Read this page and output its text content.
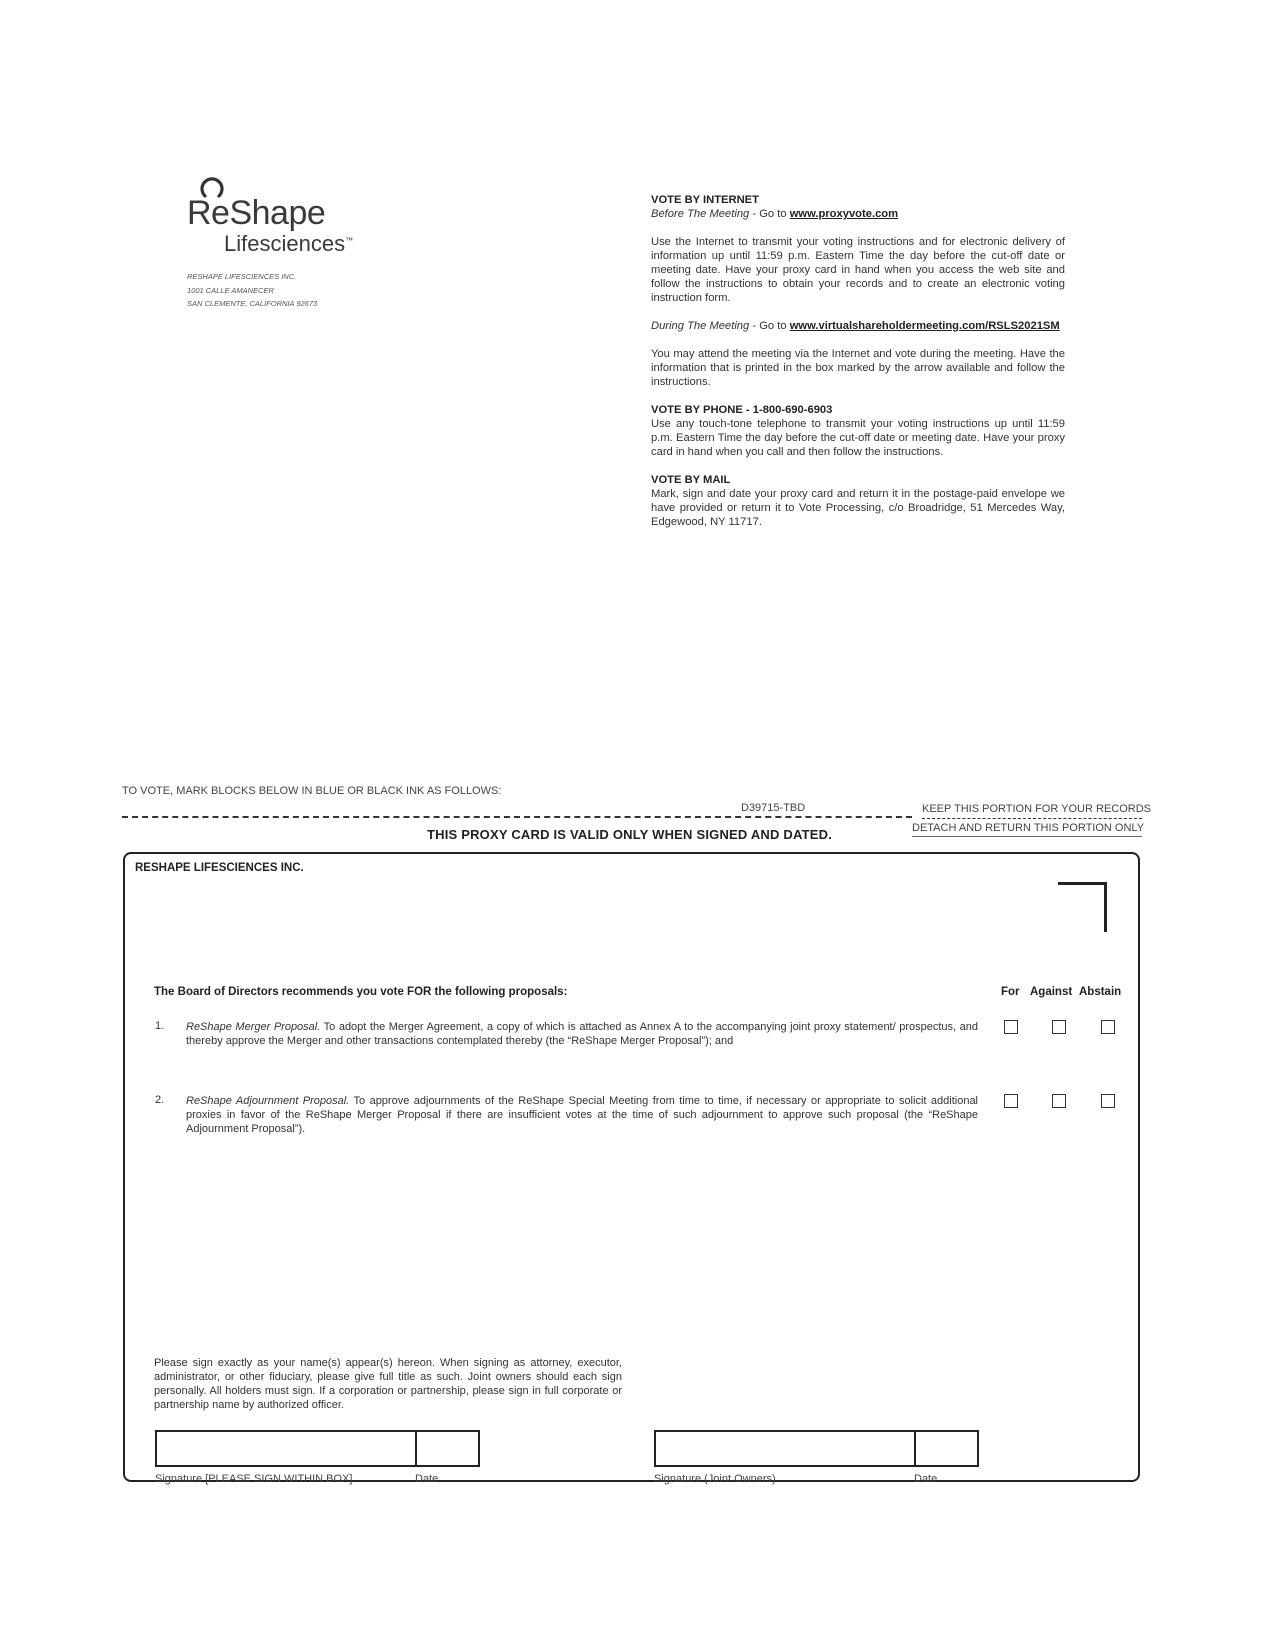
ReShape
Lifesciences™
RESHAPE LIFESCIENCES INC.
1001 CALLE AMANECER
SAN CLEMENTE, CALIFORNIA 92673

VOTE BY INTERNET

Before The Meeting - Go to www.proxyvote.com

Use the Internet to transmit your voting instructions and for electronic delivery of information up until 11:59 p.m. Eastern Time the day before the cut-off date or meeting date. Have your proxy card in hand when you access the web site and follow the instructions to obtain your records and to create an electronic voting instruction form.

During The Meeting - Go to www.virtualshareholdermeeting.com/RSLS2021SM

You may attend the meeting via the Internet and vote during the meeting. Have the information that is printed in the box marked by the arrow available and follow the instructions.

VOTE BY PHONE - 1-800-690-6903

Use any touch-tone telephone to transmit your voting instructions up until 11:59 p.m. Eastern Time the day before the cut-off date or meeting date. Have your proxy card in hand when you call and then follow the instructions.

VOTE BY MAIL

Mark, sign and date your proxy card and return it in the postage-paid envelope we have provided or return it to Vote Processing, c/o Broadridge, 51 Mercedes Way, Edgewood, NY 11717.

TO VOTE, MARK BLOCKS BELOW IN BLUE OR BLACK INK AS FOLLOWS:
D39715-TBD	KEEP THIS PORTION FOR YOUR RECORDS
THIS PROXY CARD IS VALID ONLY WHEN SIGNED AND DATED.	DETACH AND RETURN THIS PORTION ONLY
RESHAPE LIFESCIENCES INC.
The Board of Directors recommends you vote FOR the following proposals:	For Against Abstain
1. ReShape Merger Proposal. To adopt the Merger Agreement, a copy of which is attached as Annex A to the accompanying joint proxy statement/ prospectus, and thereby approve the Merger and other transactions contemplated thereby (the “ReShape Merger Proposal”); and
2. ReShape Adjournment Proposal. To approve adjournments of the ReShape Special Meeting from time to time, if necessary or appropriate to solicit additional proxies in favor of the ReShape Merger Proposal if there are insufficient votes at the time of such adjournment to approve such proposal (the “ReShape Adjournment Proposal”).
Please sign exactly as your name(s) appear(s) hereon. When signing as attorney, executor, administrator, or other fiduciary, please give full title as such. Joint owners should each sign personally. All holders must sign. If a corporation or partnership, please sign in full corporate or partnership name by authorized officer.
Signature [PLEASE SIGN WITHIN BOX]	Date	Signature (Joint Owners)	Date
